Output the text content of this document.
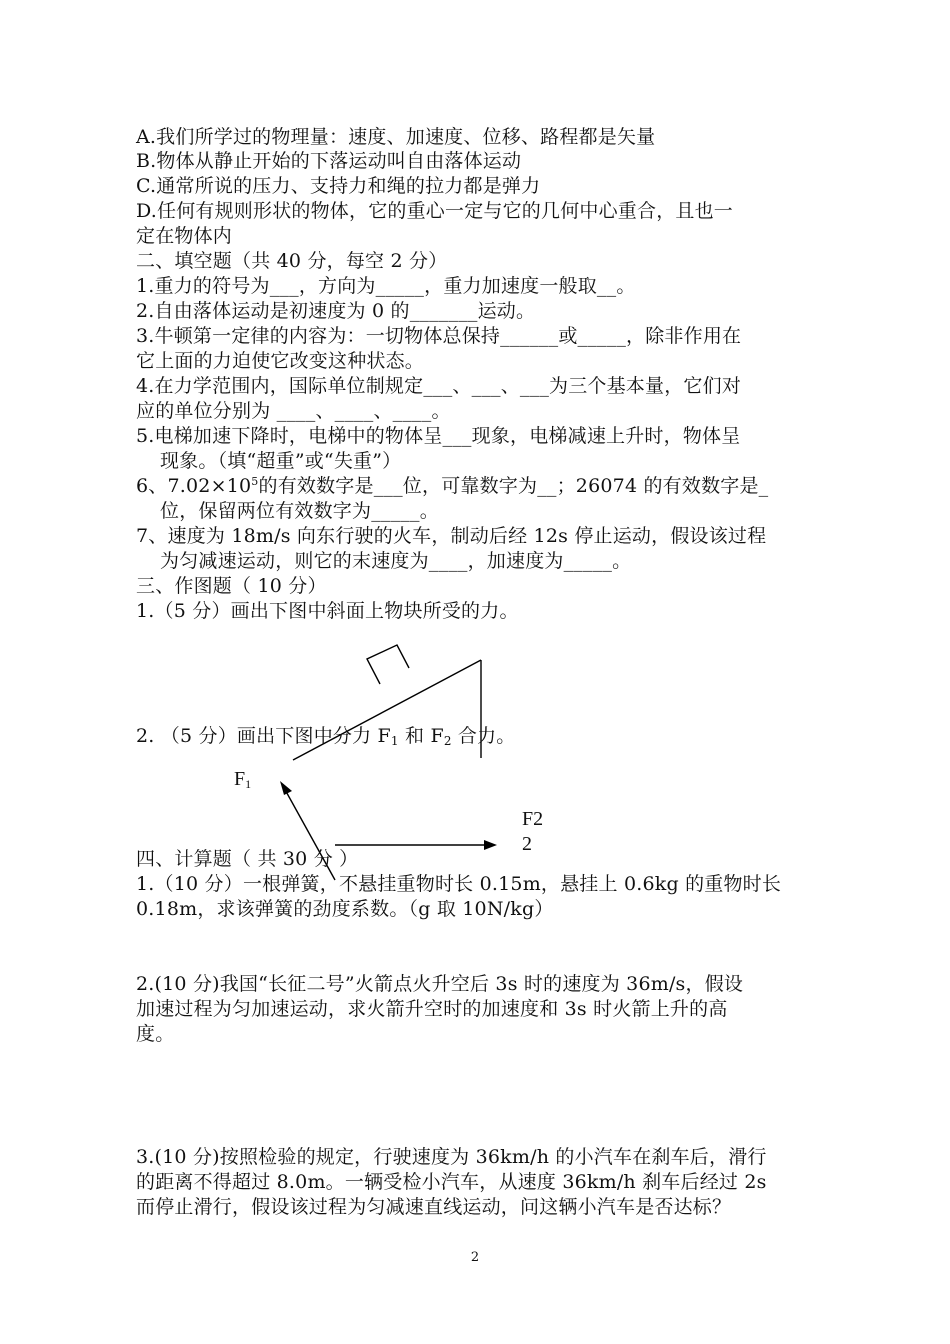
A.我们所学过的物理量：速度、加速度、位移、路程都是矢量
B.物体从静止开始的下落运动叫自由落体运动
C.通常所说的压力、支持力和绳的拉力都是弹力
D.任何有规则形状的物体，它的重心一定与它的几何中心重合，且也一
定在物体内
二、填空题（共 40 分，每空 2 分）
1.重力的符号为___，方向为_____，重力加速度一般取__。
2.自由落体运动是初速度为 0 的_______运动。
3.牛顿第一定律的内容为：一切物体总保持______或_____，除非作用在
它上面的力迫使它改变这种状态。
4.在力学范围内，国际单位制规定___、___、___为三个基本量，它们对
应的单位分别为 ____、____、____。
5.电梯加速下降时，电梯中的物体呈___现象，电梯减速上升时，物体呈
现象。（填“超重”或“失重”）
6、$7.02\times 10^5$的有效数字是___位，可靠数字为__；26074 的有效数字是_
位，保留两位有效数字为_____。
7、速度为 18m/s 向东行驶的火车，制动后经 12s 停止运动，假设该过程
为匀减速运动，则它的末速度为____，加速度为_____。
三、作图题（ 10 分）
1.（5 分）画出下图中斜面上物块所受的力。
2. （5 分）画出下图中分力 $F_1$ 和 $F_2$ 合力。
$F_1$
F2
2
四、计算题（ 共 30 分 ）
1.（10 分）一根弹簧，不悬挂重物时长 0.15m，悬挂上 0.6kg 的重物时长
0.18m，求该弹簧的劲度系数。（g 取 10N/kg）
2.(10 分)我国“长征二号”火箭点火升空后 3s 时的速度为 36m/s，假设
加速过程为匀加速运动，求火箭升空时的加速度和 3s 时火箭上升的高
度。
3.(10 分)按照检验的规定，行驶速度为 36km/h 的小汽车在刹车后，滑行
的距离不得超过 8.0m。一辆受检小汽车，从速度 36km/h 刹车后经过 2s
而停止滑行，假设该过程为匀减速直线运动，问这辆小汽车是否达标？
2
